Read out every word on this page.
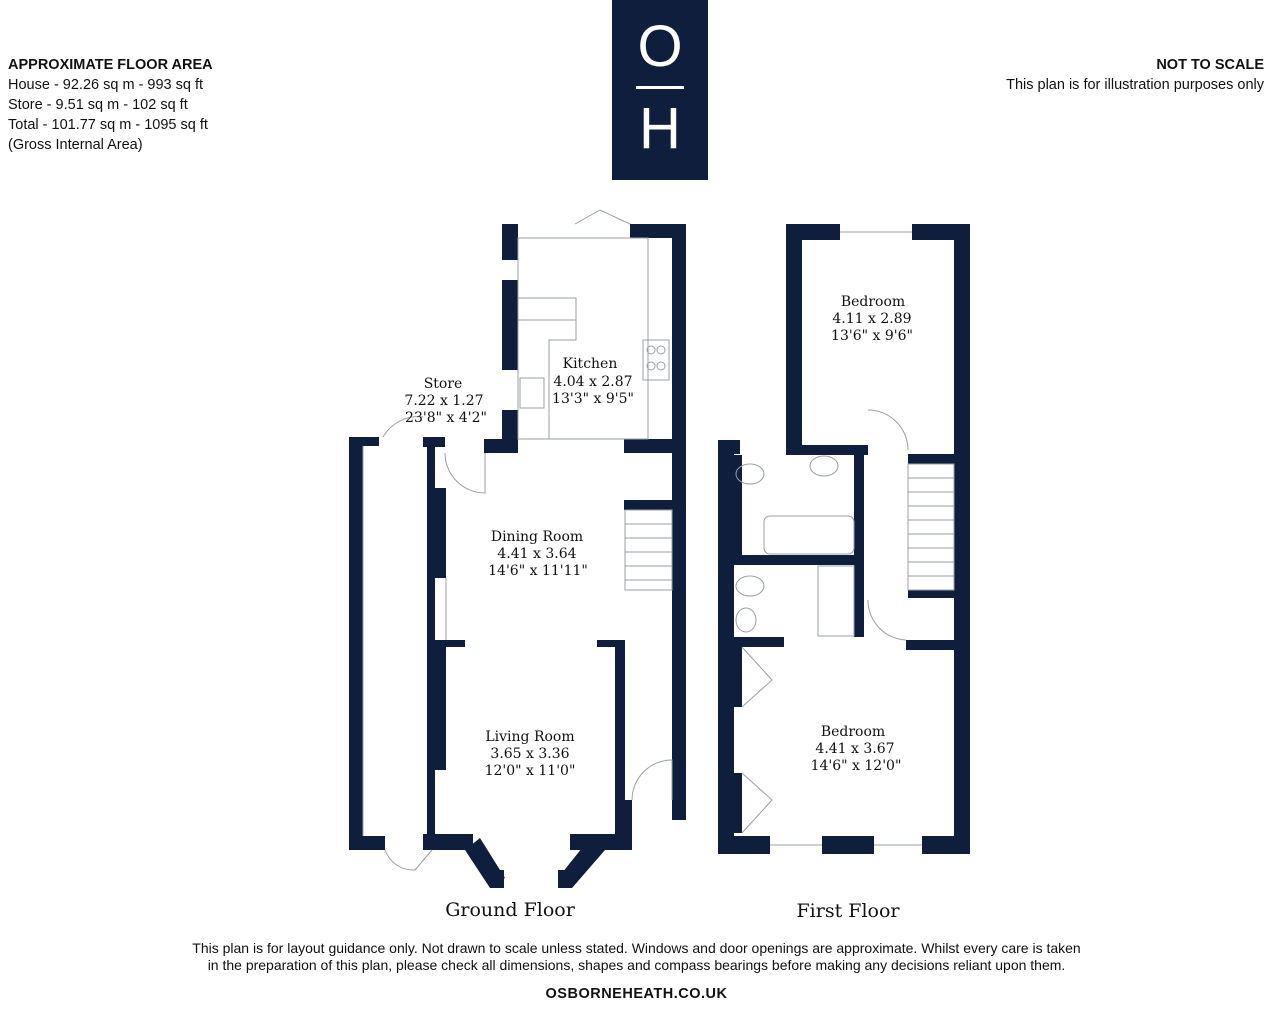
APPROXIMATE FLOOR AREA
House - 92.26 sq m - 993 sq ft
Store - 9.51 sq m - 102 sq ft
Total - 101.77 sq m - 1095 sq ft
(Gross Internal Area)
NOT TO SCALE
This plan is for illustration purposes only
O
H
Kitchen
4.04 x 2.87
13'3" x 9'5"
Store
7.22 x 1.27
23'8" x 4'2"
Dining Room
4.41 x 3.64
14'6" x 11'11"
Living Room
3.65 x 3.36
12'0" x 11'0"
Bedroom
4.11 x 2.89
13'6" x 9'6"
Bedroom
4.41 x 3.67
14'6" x 12'0"
Ground Floor	First Floor
This plan is for layout guidance only. Not drawn to scale unless stated. Windows and door openings are approximate. Whilst every care is taken
in the preparation of this plan, please check all dimensions, shapes and compass bearings before making any decisions reliant upon them.
OSBORNEHEATH.CO.UK
